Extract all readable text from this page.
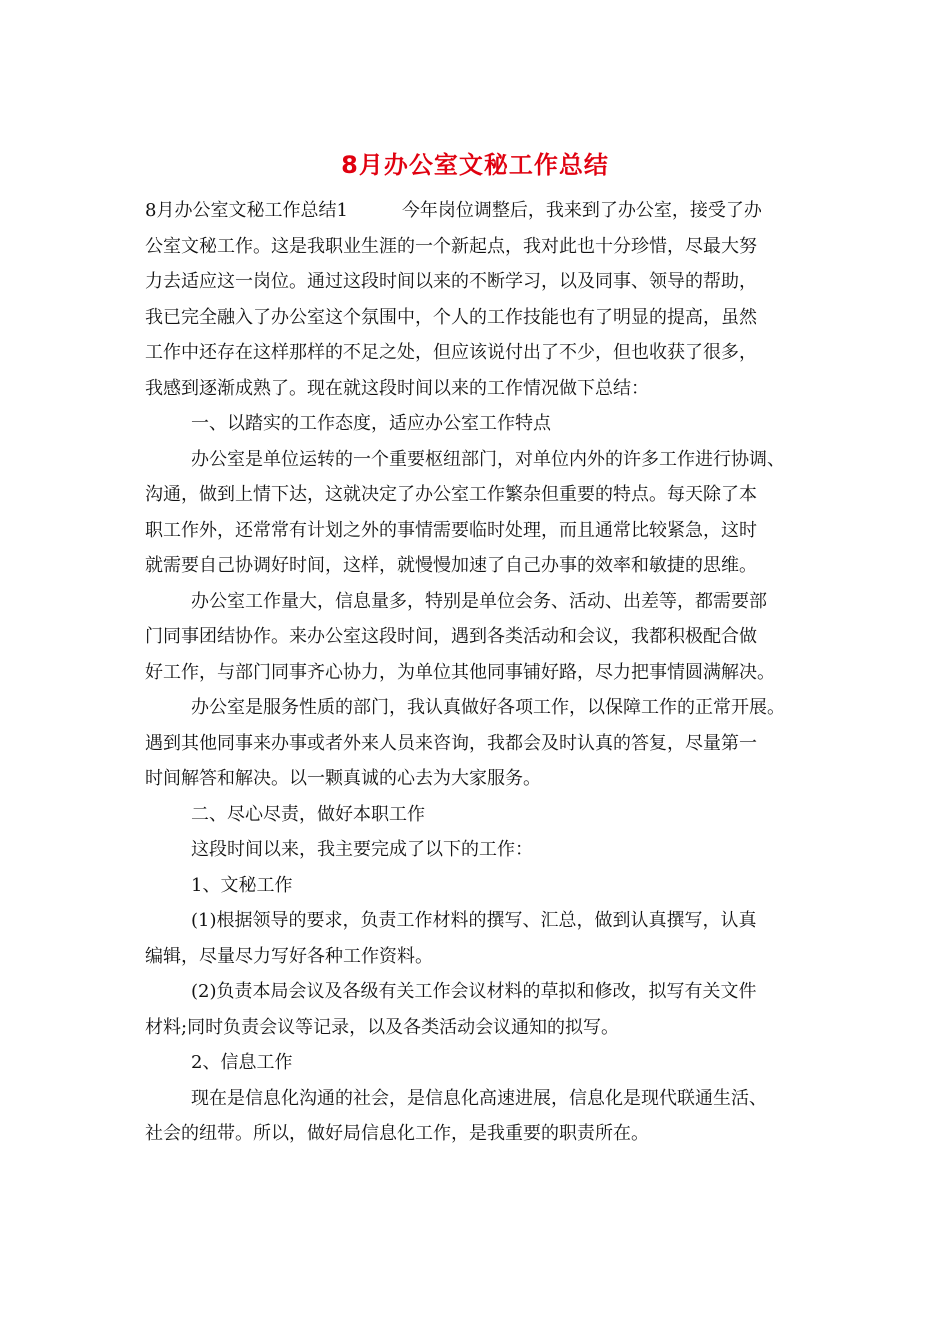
8月办公室文秘工作总结
8月办公室文秘工作总结1	今年岗位调整后，我来到了办公室，接受了办
公室文秘工作。这是我职业生涯的一个新起点，我对此也十分珍惜，尽最大努
力去适应这一岗位。通过这段时间以来的不断学习，以及同事、领导的帮助，
我已完全融入了办公室这个氛围中，个人的工作技能也有了明显的提高，虽然
工作中还存在这样那样的不足之处，但应该说付出了不少，但也收获了很多，
我感到逐渐成熟了。现在就这段时间以来的工作情况做下总结：
一、以踏实的工作态度，适应办公室工作特点
办公室是单位运转的一个重要枢纽部门，对单位内外的许多工作进行协调、
沟通，做到上情下达，这就决定了办公室工作繁杂但重要的特点。每天除了本
职工作外，还常常有计划之外的事情需要临时处理，而且通常比较紧急，这时
就需要自己协调好时间，这样，就慢慢加速了自己办事的效率和敏捷的思维。
办公室工作量大，信息量多，特别是单位会务、活动、出差等，都需要部
门同事团结协作。来办公室这段时间，遇到各类活动和会议，我都积极配合做
好工作，与部门同事齐心协力，为单位其他同事铺好路，尽力把事情圆满解决。
办公室是服务性质的部门，我认真做好各项工作，以保障工作的正常开展。
遇到其他同事来办事或者外来人员来咨询，我都会及时认真的答复，尽量第一
时间解答和解决。以一颗真诚的心去为大家服务。
二、尽心尽责，做好本职工作
这段时间以来，我主要完成了以下的工作：
1、文秘工作
(1)根据领导的要求，负责工作材料的撰写、汇总，做到认真撰写，认真
编辑，尽量尽力写好各种工作资料。
(2)负责本局会议及各级有关工作会议材料的草拟和修改，拟写有关文件
材料;同时负责会议等记录，以及各类活动会议通知的拟写。
2、信息工作
现在是信息化沟通的社会，是信息化高速进展，信息化是现代联通生活、
社会的纽带。所以，做好局信息化工作，是我重要的职责所在。
